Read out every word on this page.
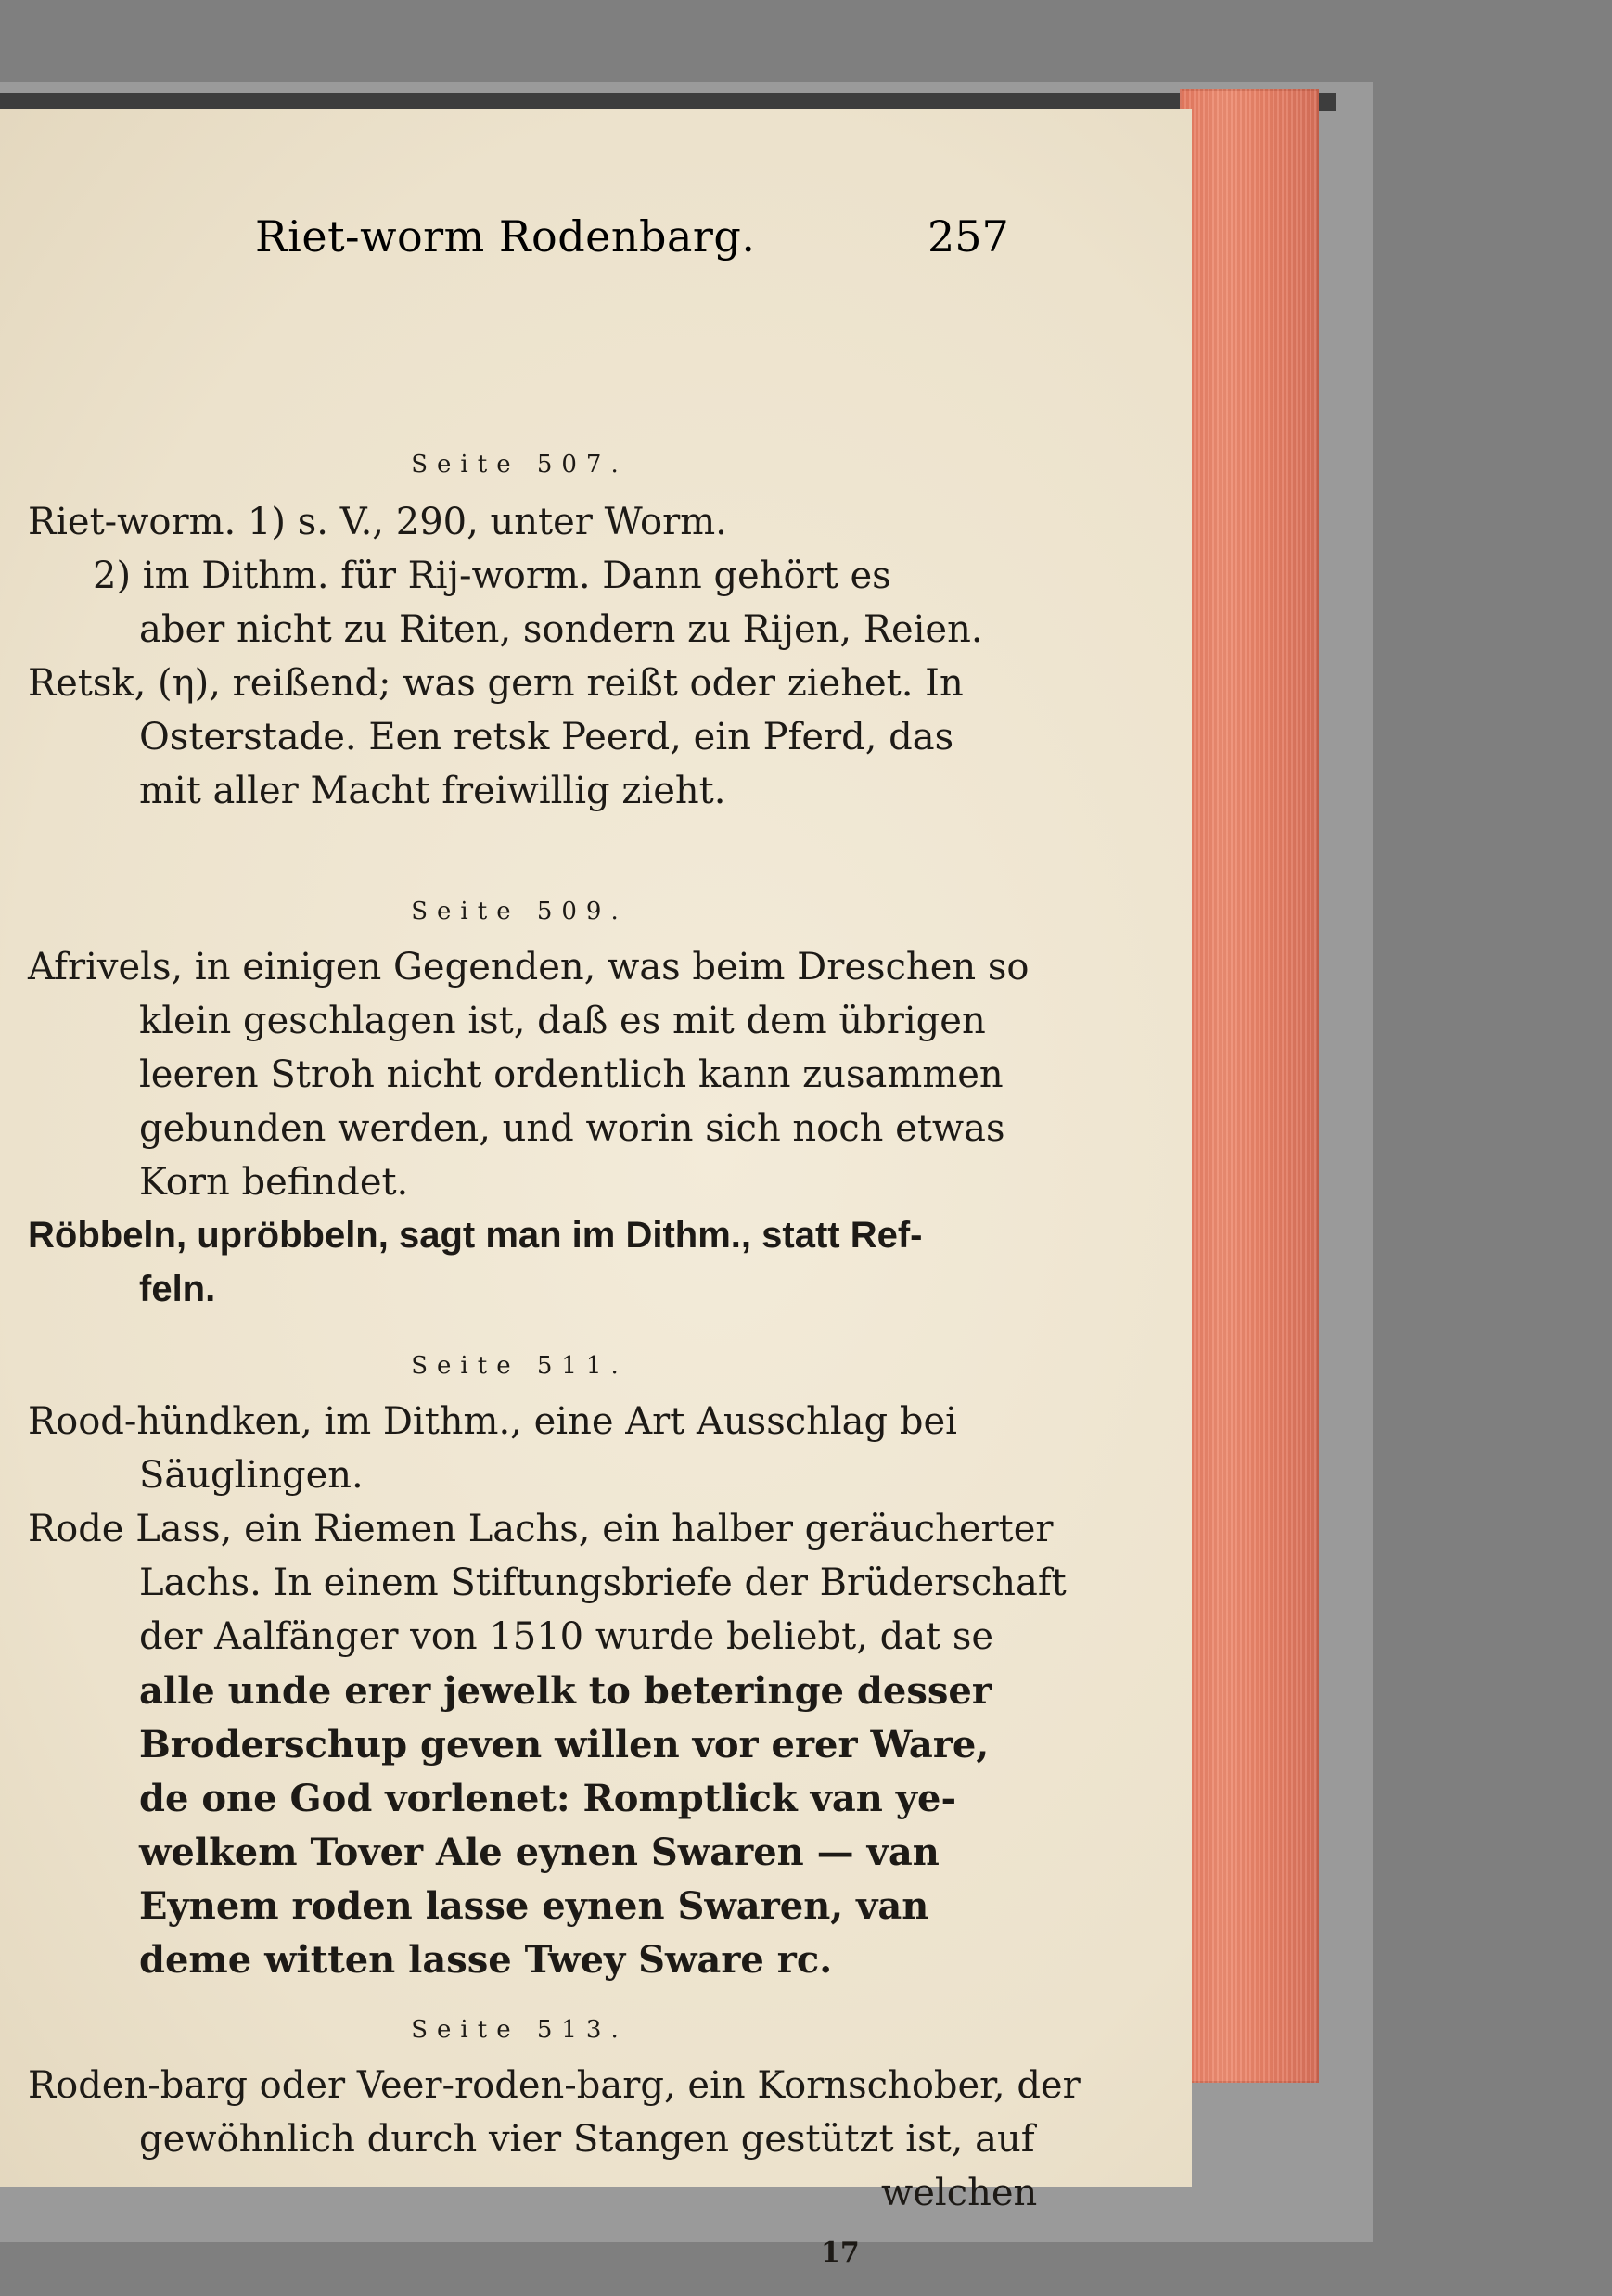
Riet-worm Rodenbarg.	257
Seite 507.
Riet-worm. 1) s. V., 290, unter Worm.
2) im Dithm. für Rij-worm. Dann gehört es
aber nicht zu Riten, sondern zu Rijen, Reien.
Retsk, (η), reißend; was gern reißt oder ziehet. In
Osterstade. Een retsk Peerd, ein Pferd, das
mit aller Macht freiwillig zieht.
Seite 509.
Afrivels, in einigen Gegenden, was beim Dreschen so
klein geschlagen ist, daß es mit dem übrigen
leeren Stroh nicht ordentlich kann zusammen
gebunden werden, und worin sich noch etwas
Korn befindet.
Röbbeln, upröbbeln, sagt man im Dithm., statt Ref-
feln.
Seite 511.
Rood-hündken, im Dithm., eine Art Ausschlag bei
Säuglingen.
Rode Lass, ein Riemen Lachs, ein halber geräucherter
Lachs. In einem Stiftungsbriefe der Brüderschaft
der Aalfänger von 1510 wurde beliebt, dat se
alle unde erer jewelk to beteringe desser
Broderschup geven willen vor erer Ware,
de one God vorlenet: Romptlick van ye-
welkem Tover Ale eynen Swaren — van
Eynem roden lasse eynen Swaren, van
deme witten lasse Twey Sware rc.
Seite 513.
Roden-barg oder Veer-roden-barg, ein Kornschober, der
gewöhnlich durch vier Stangen gestützt ist, auf
welchen
17
